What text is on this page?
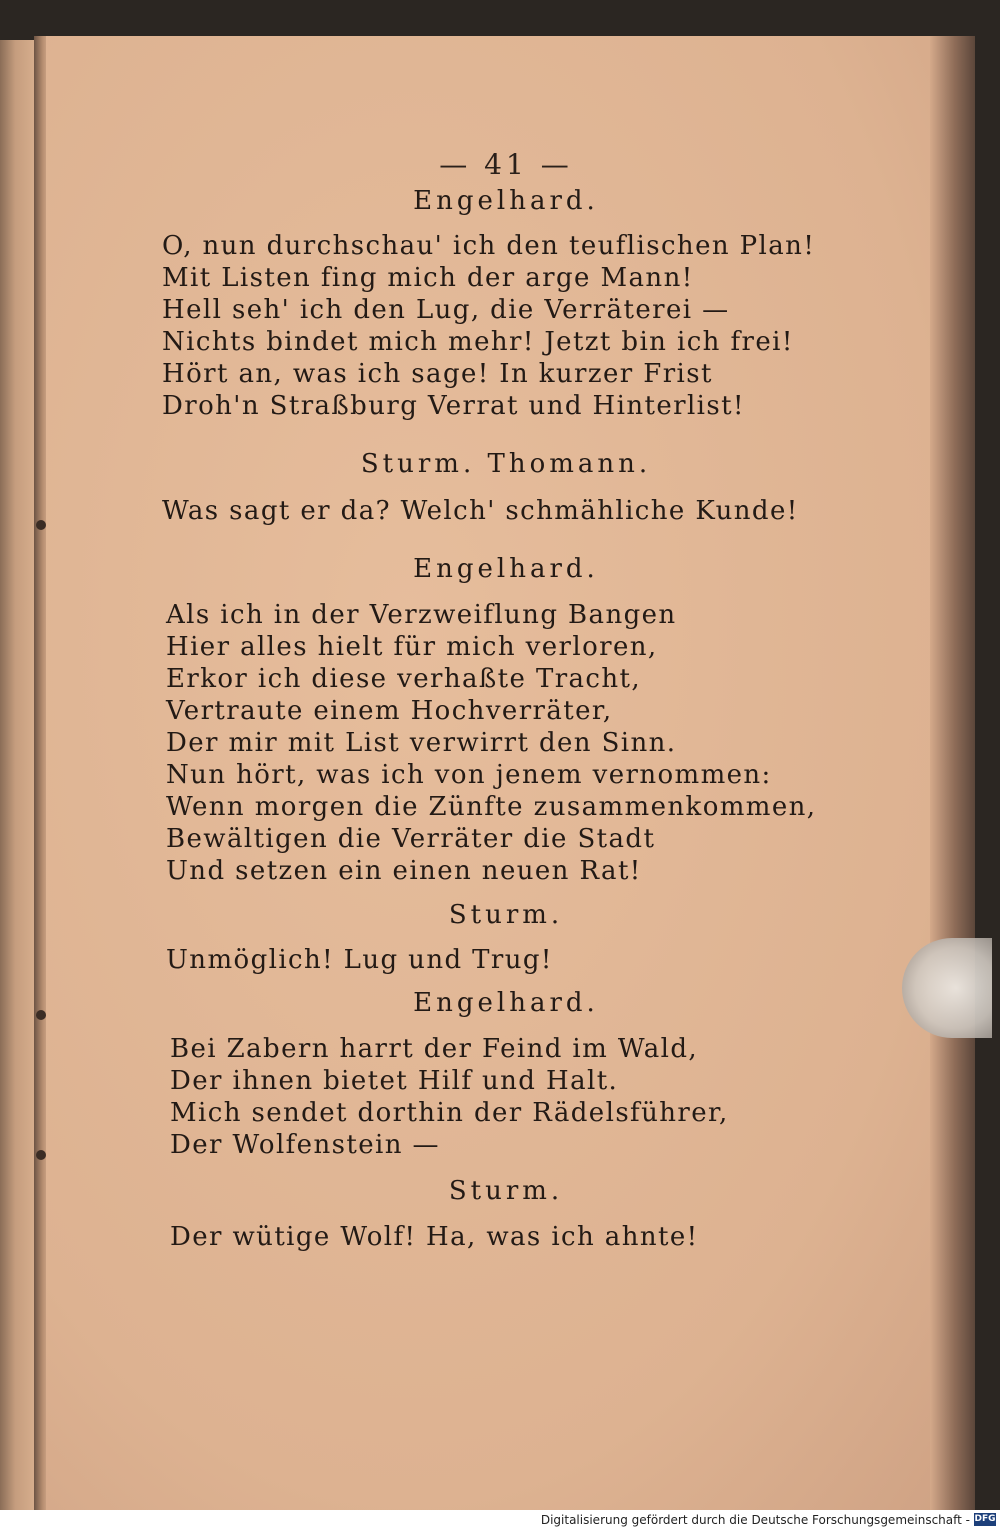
— 41 —
Engelhard.
O, nun durchschau' ich den teuflischen Plan!
Mit Listen fing mich der arge Mann!
Hell seh' ich den Lug, die Verräterei —
Nichts bindet mich mehr! Jetzt bin ich frei!
Hört an, was ich sage! In kurzer Frist
Droh'n Straßburg Verrat und Hinterlist!
Sturm. Thomann.
Was sagt er da? Welch' schmähliche Kunde!
Engelhard.
Als ich in der Verzweiflung Bangen
Hier alles hielt für mich verloren,
Erkor ich diese verhaßte Tracht,
Vertraute einem Hochverräter,
Der mir mit List verwirrt den Sinn.
Nun hört, was ich von jenem vernommen:
Wenn morgen die Zünfte zusammenkommen,
Bewältigen die Verräter die Stadt
Und setzen ein einen neuen Rat!
Sturm.
Unmöglich! Lug und Trug!
Engelhard.
Bei Zabern harrt der Feind im Wald,
Der ihnen bietet Hilf und Halt.
Mich sendet dorthin der Rädelsführer,
Der Wolfenstein —
Sturm.
Der wütige Wolf! Ha, was ich ahnte!
Digitalisierung gefördert durch die Deutsche Forschungsgemeinschaft - DFG
